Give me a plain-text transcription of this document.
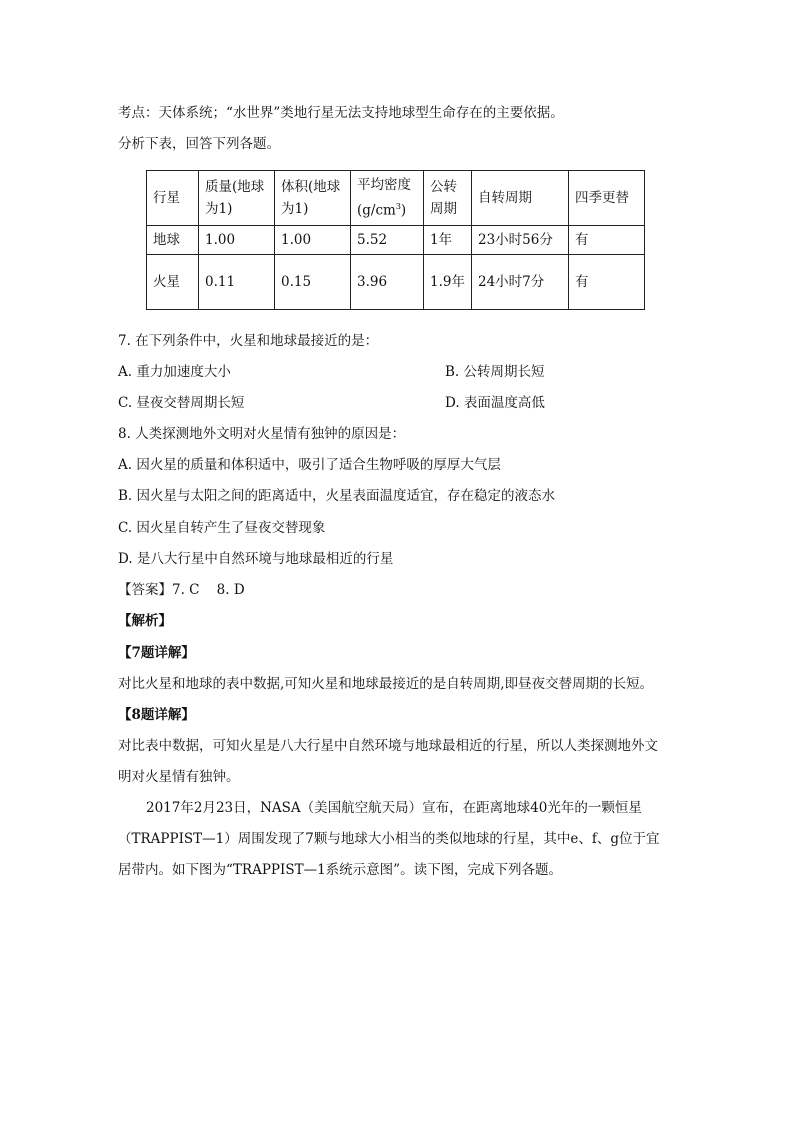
考点：天体系统；“水世界”类地行星无法支持地球型生命存在的主要依据。
分析下表，回答下列各题。
行星	质量(地球为1)	体积(地球为1)	平均密度$(g/cm^3)$	公转周期	自转周期	四季更替
地球	1.00	1.00	5.52	1年	23小时56分	有
火星	0.11	0.15	3.96	1.9年	24小时7分	有
7. 在下列条件中，火星和地球最接近的是：
A. 重力加速度大小	B. 公转周期长短
C. 昼夜交替周期长短	D. 表面温度高低
8. 人类探测地外文明对火星情有独钟的原因是：
A. 因火星的质量和体积适中，吸引了适合生物呼吸的厚厚大气层
B. 因火星与太阳之间的距离适中，火星表面温度适宜，存在稳定的液态水
C. 因火星自转产生了昼夜交替现象
D. 是八大行星中自然环境与地球最相近的行星
【答案】7. C    8. D
【解析】
【7题详解】
对比火星和地球的表中数据,可知火星和地球最接近的是自转周期,即昼夜交替周期的长短。
【8题详解】
对比表中数据，可知火星是八大行星中自然环境与地球最相近的行星，所以人类探测地外文
明对火星情有独钟。
2017年2月23日，NASA（美国航空航天局）宣布，在距离地球40光年的一颗恒星
（TRAPPIST—1）周围发现了7颗与地球大小相当的类似地球的行星，其中e、f、g位于宜
居带内。如下图为“TRAPPIST—1系统示意图”。读下图，完成下列各题。
